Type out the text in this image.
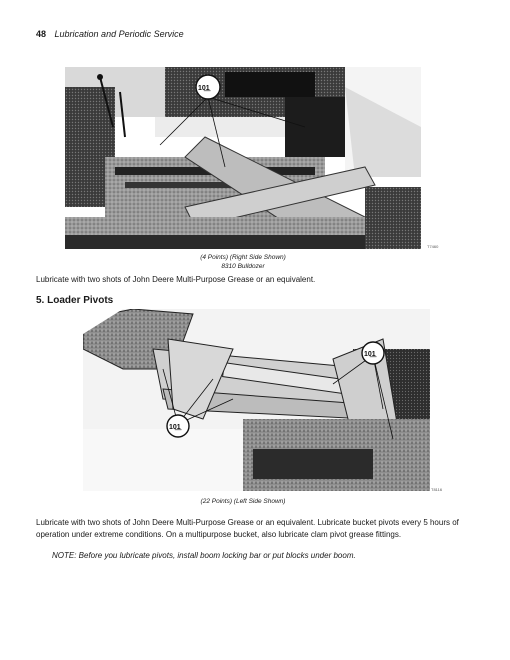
48 Lubrication and Periodic Service
10͟1
T7460
(4 Points) (Right Side Shown)
8310 Bulldozer
Lubricate with two shots of John Deere Multi-Purpose Grease or an equivalent.
5. Loader Pivots
10͟1
10͟1
T8116
(22 Points) (Left Side Shown)
Lubricate with two shots of John Deere Multi-Purpose Grease or an equivalent. Lubricate bucket pivots every 5 hours of operation under extreme conditions. On a multipurpose bucket, also lubricate clam pivot grease fittings.
NOTE: Before you lubricate pivots, install boom locking bar or put blocks under boom.
